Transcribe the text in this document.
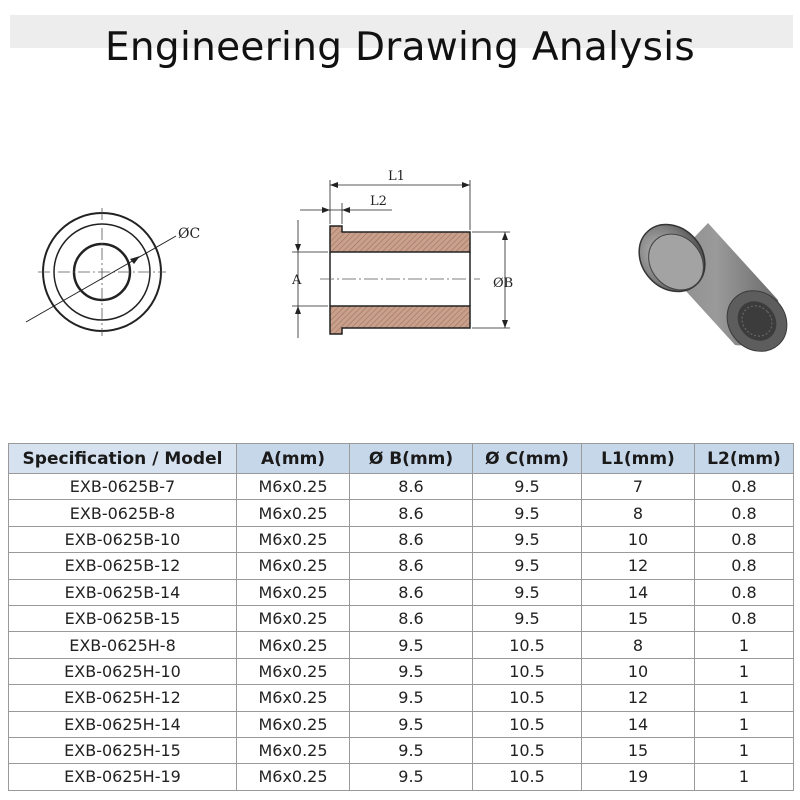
Engineering Drawing Analysis
ØC
L1
L2
A	ØB
Specification / Model	A(mm)	Ø B(mm)	Ø C(mm)	L1(mm)	L2(mm)
EXB-0625B-7	M6x0.25	8.6	9.5	7	0.8
EXB-0625B-8	M6x0.25	8.6	9.5	8	0.8
EXB-0625B-10	M6x0.25	8.6	9.5	10	0.8
EXB-0625B-12	M6x0.25	8.6	9.5	12	0.8
EXB-0625B-14	M6x0.25	8.6	9.5	14	0.8
EXB-0625B-15	M6x0.25	8.6	9.5	15	0.8
EXB-0625H-8	M6x0.25	9.5	10.5	8	1
EXB-0625H-10	M6x0.25	9.5	10.5	10	1
EXB-0625H-12	M6x0.25	9.5	10.5	12	1
EXB-0625H-14	M6x0.25	9.5	10.5	14	1
EXB-0625H-15	M6x0.25	9.5	10.5	15	1
EXB-0625H-19	M6x0.25	9.5	10.5	19	1
